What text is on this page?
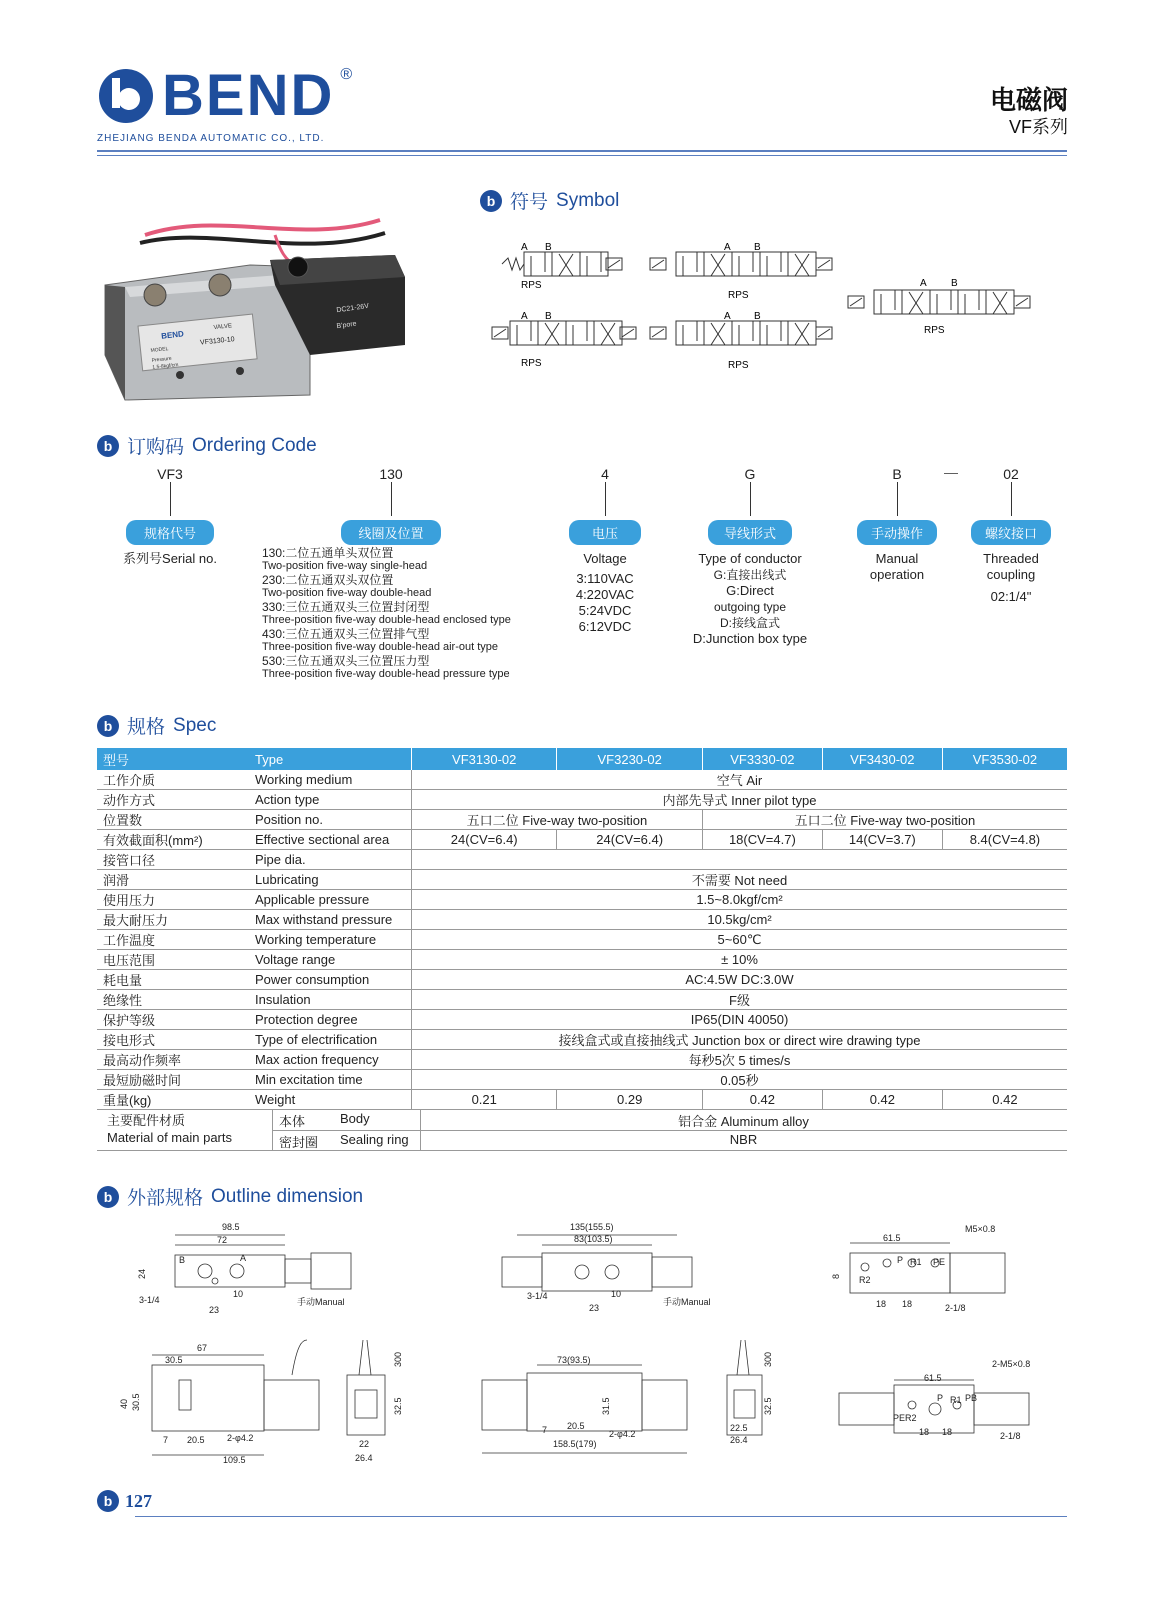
BEND ®
ZHEJIANG BENDA AUTOMATIC CO., LTD.
电磁阀
VF系列
BEND
VALVE
MODEL
VF3130-10
Pressure
1.5-8kgf/cm
DC21-26V
B'pore
b 符号 Symbol
A B
RPS
A B
RPS
A B
RPS
A B
RPS
A B
RPS
b 订购码 Ordering Code
VF3
规格代号
系列号Serial no.
130
线圈及位置
130:二位五通单头双位置
Two-position five-way single-head
230:二位五通双头双位置
Two-position five-way double-head
330:三位五通双头三位置封闭型
Three-position five-way double-head enclosed type
430:三位五通双头三位置排气型
Three-position five-way double-head air-out type
530:三位五通双头三位置压力型
Three-position five-way double-head pressure type
4
电压
Voltage
3:110VAC
4:220VAC
5:24VDC
6:12VDC
G
导线形式
Type of conductor
G:直接出线式
G:Direct
outgoing type
D:接线盒式
D:Junction box type
B
手动操作
Manual
operation
—	02
螺纹接口
Threaded
coupling
02:1/4"
b 规格 Spec
型号	Type	VF3130-02	VF3230-02	VF3330-02	VF3430-02	VF3530-02
工作介质	Working medium	空气 Air				
动作方式	Action type	内部先导式 Inner pilot type				
位置数	Position no.	五口二位 Five-way two-position		五口二位 Five-way two-position		
有效截面积(mm²)	Effective sectional area	24(CV=6.4)	24(CV=6.4)	18(CV=4.7)	14(CV=3.7)	8.4(CV=4.8)
接管口径	Pipe dia.					
润滑	Lubricating	不需要 Not need				
使用压力	Applicable pressure	1.5~8.0kgf/cm²				
最大耐压力	Max withstand pressure	10.5kg/cm²				
工作温度	Working temperature	5~60℃				
电压范围	Voltage range	± 10%				
耗电量	Power consumption	AC:4.5W DC:3.0W				
绝缘性	Insulation	F级				
保护等级	Protection degree	IP65(DIN 40050)				
接电形式	Type of electrification	接线盒式或直接抽线式 Junction box or direct wire drawing type				
最高动作频率	Max action frequency	每秒5次 5 times/s				
最短励磁时间	Min excitation time	0.05秒				
重量(kg)	Weight	0.21	0.29	0.42	0.42	0.42
主要配件材质
Material of main parts
本体	Body	铝合金 Aluminum alloy
密封圈 Sealing ring	NBR
b 外部规格 Outline dimension
98.5
72
B	A
24
3-1/4
23
10
手动Manual
135(155.5)
83(103.5)
3-1/4
23
10
手动Manual
61.5
M5×0.8
8
P R1 PE
R2
18 18	2-1/8
67
30.5
40 30.5
7 20.5 2-φ4.2
109.5
300
32.5
22
26.4
73(93.5)
31.5
7 20.5
2-φ4.2
158.5(179)
300
32.5
22.5
26.4
61.5
2-M5×0.8
P R1 PB
PER2
18 18	2-1/8
b 127
